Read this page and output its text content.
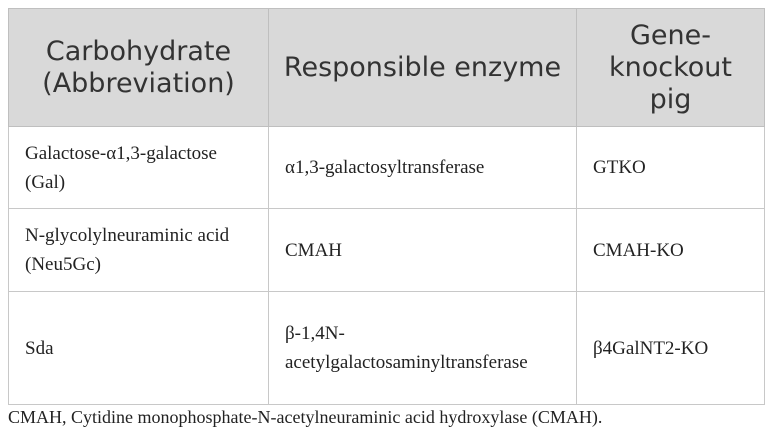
Carbohydrate (Abbreviation)	Responsible enzyme	Gene-knockout pig
Galactose-α1,3-galactose (Gal)	α1,3-galactosyltransferase	GTKO
N-glycolylneuraminic acid (Neu5Gc)	CMAH	CMAH-KO
Sda	β-1,4N-acetylgalactosaminyltransferase	β4GalNT2-KO
CMAH, Cytidine monophosphate-N-acetylneuraminic acid hydroxylase (CMAH).
